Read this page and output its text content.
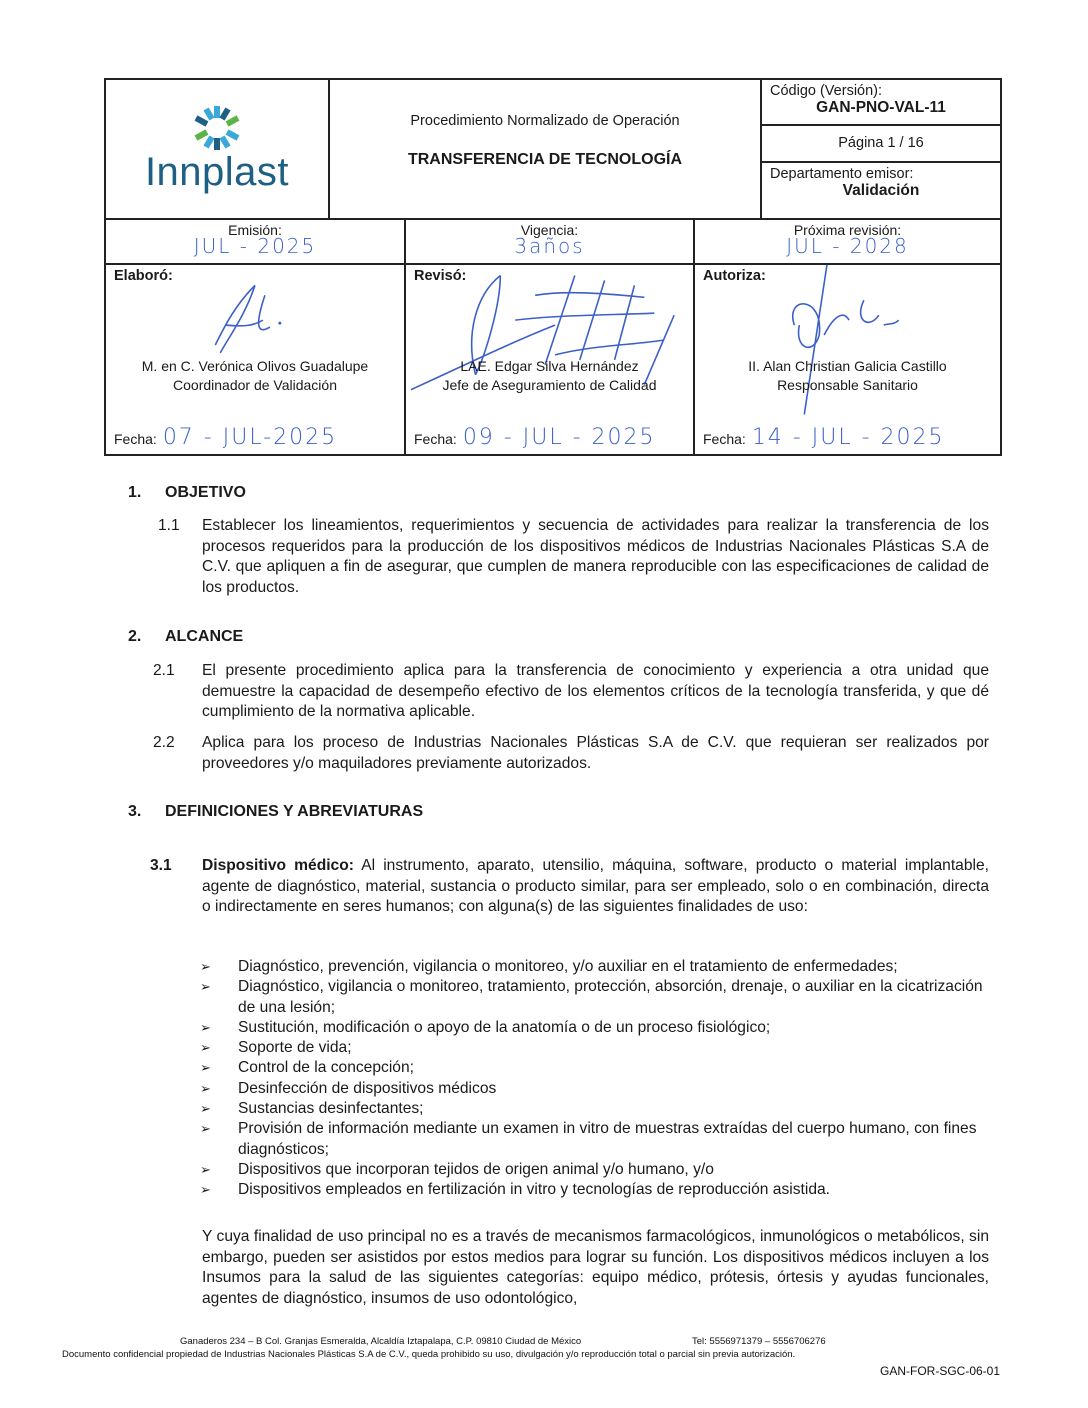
Innplast
Procedimiento Normalizado de Operación
TRANSFERENCIA DE TECNOLOGÍA
Código (Versión):
GAN-PNO-VAL-11
Página 1 / 16
Departamento emisor:
Validación
Emisión:
JUL - 2025
Vigencia:
3años
Próxima revisión:
JUL - 2028
Elaboró:
M. en C. Verónica Olivos Guadalupe
Coordinador de Validación
Fecha: 07 - JUL-2025
Revisó:
LAE. Edgar Silva Hernández
Jefe de Aseguramiento de Calidad
Fecha: 09 - JUL - 2025
Autoriza:
II. Alan Christian Galicia Castillo
Responsable Sanitario
Fecha: 14 - JUL - 2025
1. OBJETIVO
1.1 Establecer los lineamientos, requerimientos y secuencia de actividades para realizar la transferencia de los procesos requeridos para la producción de los dispositivos médicos de Industrias Nacionales Plásticas S.A de C.V. que apliquen a fin de asegurar, que cumplen de manera reproducible con las especificaciones de calidad de los productos.
2. ALCANCE
2.1 El presente procedimiento aplica para la transferencia de conocimiento y experiencia a otra unidad que demuestre la capacidad de desempeño efectivo de los elementos críticos de la tecnología transferida, y que dé cumplimiento de la normativa aplicable.
2.2 Aplica para los proceso de Industrias Nacionales Plásticas S.A de C.V. que requieran ser realizados por proveedores y/o maquiladores previamente autorizados.
3. DEFINICIONES Y ABREVIATURAS
3.1 Dispositivo médico: Al instrumento, aparato, utensilio, máquina, software, producto o material implantable, agente de diagnóstico, material, sustancia o producto similar, para ser empleado, solo o en combinación, directa o indirectamente en seres humanos; con alguna(s) de las siguientes finalidades de uso:
➢ Diagnóstico, prevención, vigilancia o monitoreo, y/o auxiliar en el tratamiento de enfermedades;
➢ Diagnóstico, vigilancia o monitoreo, tratamiento, protección, absorción, drenaje, o auxiliar en la cicatrización de una lesión;
➢ Sustitución, modificación o apoyo de la anatomía o de un proceso fisiológico;
➢ Soporte de vida;
➢ Control de la concepción;
➢ Desinfección de dispositivos médicos
➢ Sustancias desinfectantes;
➢ Provisión de información mediante un examen in vitro de muestras extraídas del cuerpo humano, con fines diagnósticos;
➢ Dispositivos que incorporan tejidos de origen animal y/o humano, y/o
➢ Dispositivos empleados en fertilización in vitro y tecnologías de reproducción asistida.
Y cuya finalidad de uso principal no es a través de mecanismos farmacológicos, inmunológicos o metabólicos, sin embargo, pueden ser asistidos por estos medios para lograr su función. Los dispositivos médicos incluyen a los Insumos para la salud de las siguientes categorías: equipo médico, prótesis, órtesis y ayudas funcionales, agentes de diagnóstico, insumos de uso odontológico,
Ganaderos 234 – B Col. Granjas Esmeralda, Alcaldía Iztapalapa, C.P. 09810 Ciudad de México	Tel: 5556971379 – 5556706276
Documento confidencial propiedad de Industrias Nacionales Plásticas S.A de C.V., queda prohibido su uso, divulgación y/o reproducción total o parcial sin previa autorización.
GAN-FOR-SGC-06-01
